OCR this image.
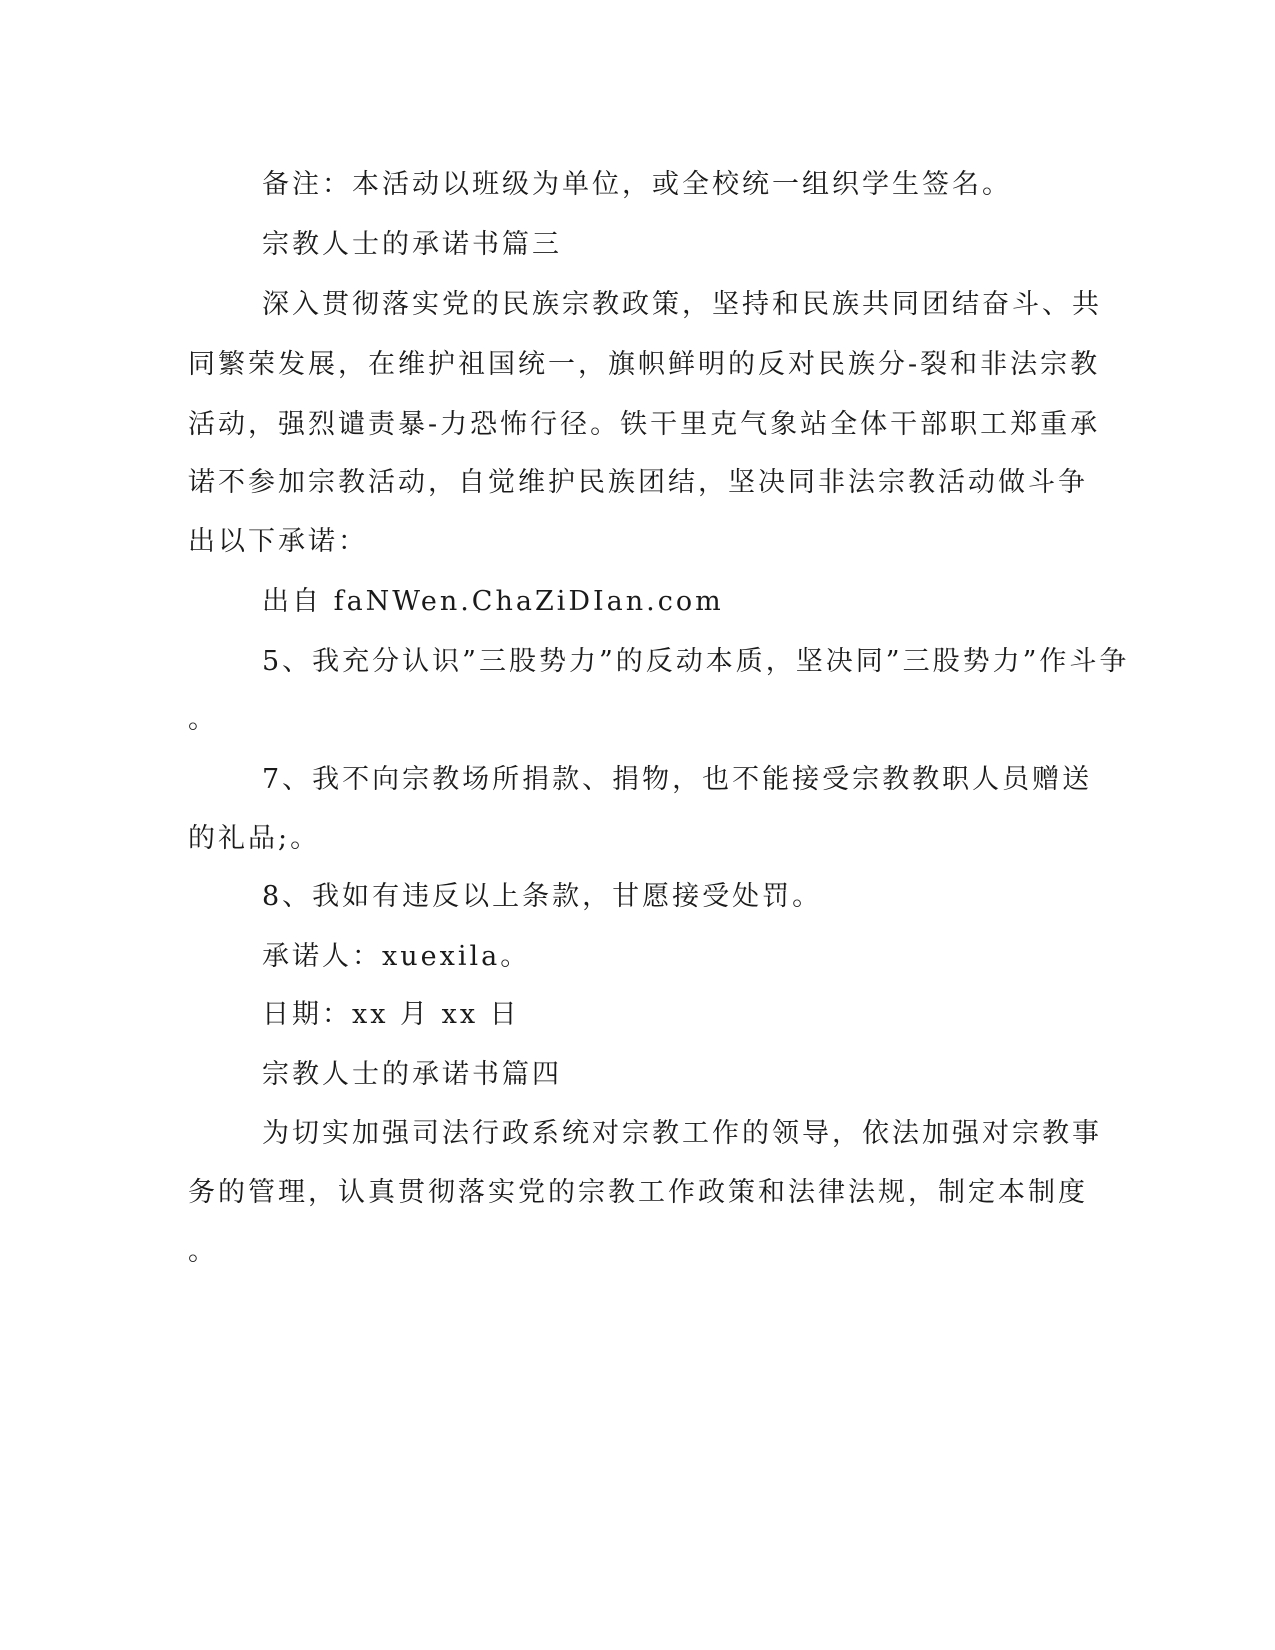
备注：本活动以班级为单位，或全校统一组织学生签名。
宗教人士的承诺书篇三
深入贯彻落实党的民族宗教政策，坚持和民族共同团结奋斗、共
同繁荣发展，在维护祖国统一，旗帜鲜明的反对民族分-裂和非法宗教
活动，强烈谴责暴-力恐怖行径。铁干里克气象站全体干部职工郑重承
诺不参加宗教活动，自觉维护民族团结，坚决同非法宗教活动做斗争
出以下承诺：
出自 faNWen.ChaZiDIan.com
5、我充分认识”三股势力”的反动本质，坚决同”三股势力”作斗争
。
7、我不向宗教场所捐款、捐物，也不能接受宗教教职人员赠送
的礼品;。
8、我如有违反以上条款，甘愿接受处罚。
承诺人：xuexila。
日期：xx 月 xx 日
宗教人士的承诺书篇四
为切实加强司法行政系统对宗教工作的领导，依法加强对宗教事
务的管理，认真贯彻落实党的宗教工作政策和法律法规，制定本制度
。
